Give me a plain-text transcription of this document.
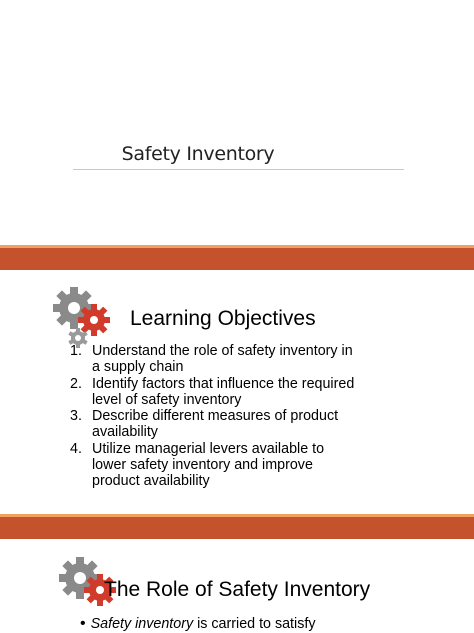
Safety Inventory
Learning Objectives
1. Understand the role of safety inventory in
a supply chain
2. Identify factors that influence the required
level of safety inventory
3. Describe different measures of product
availability
4. Utilize managerial levers available to
lower safety inventory and improve
product availability
The Role of Safety Inventory
• Safety inventory is carried to satisfy
